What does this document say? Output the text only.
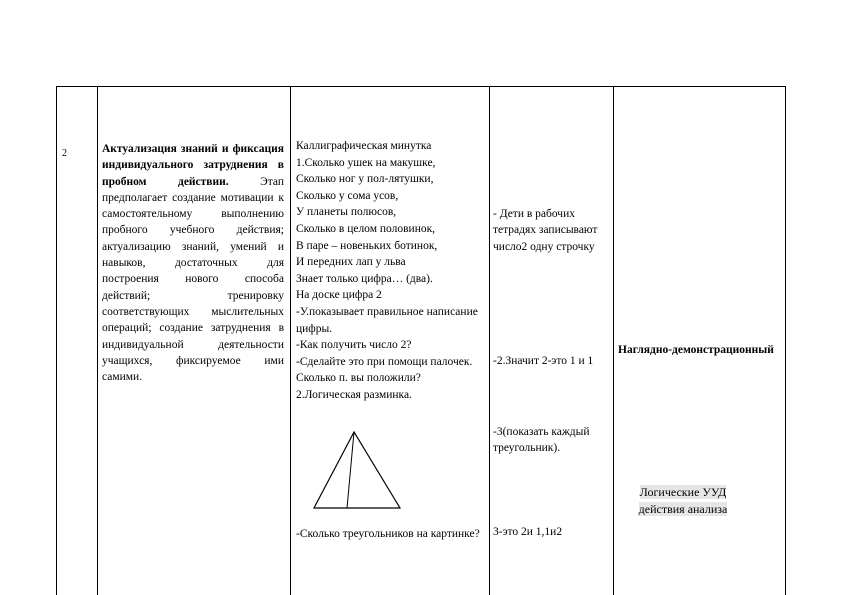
2	Актуализация знаний и фиксация индивидуального затруднения в пробном действии. Этап предполагает создание мотивации к самостоятельному выполнению пробного учебного действия; актуализацию знаний, умений и навыков, достаточных для построения нового способа действий; тренировку соответствующих мыслительных операций; создание затруднения в индивидуальной деятельности учащихся, фиксируемое ими самими.

Каллиграфическая минутка

1.Сколько ушек на макушке,

Сколько ног у пол-лятушки,

Сколько у сома усов,

У планеты полюсов,

Сколько в целом половинок,

В паре – новеньких ботинок,

И передних лап у льва

Знает только цифра… (два).

На доске цифра 2

-У.показывает правильное написание цифры.

-Как получить число 2?

-Сделайте это при помощи палочек. Сколько п. вы положили?

2.Логическая разминка.

-Сколько треугольников на картинке?

- Дети в рабочих тетрадях записывают число2 одну строчку

-2.Значит 2-это 1 и 1

-3(показать каждый треугольник).

3-это 2и 1,1и2

Наглядно-демонстрационный
Логические УУД
действия анализа
